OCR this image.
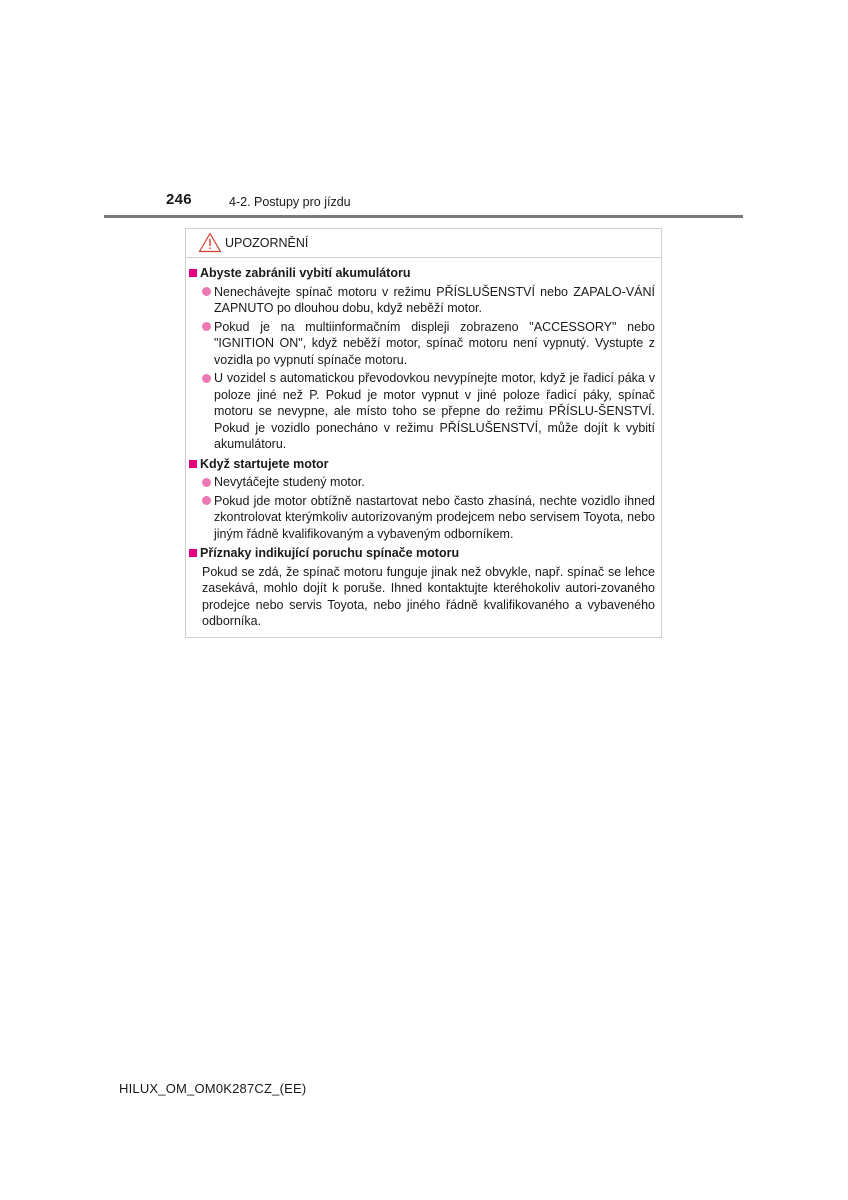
246	4-2. Postupy pro jízdu
UPOZORNĚNÍ
Abyste zabránili vybití akumulátoru
Nenechávejte spínač motoru v režimu PŘÍSLUŠENSTVÍ nebo ZAPALO-VÁNÍ ZAPNUTO po dlouhou dobu, když neběží motor.
Pokud je na multiinformačním displeji zobrazeno "ACCESSORY" nebo "IGNITION ON", když neběží motor, spínač motoru není vypnutý. Vystupte z vozidla po vypnutí spínače motoru.
U vozidel s automatickou převodovkou nevypínejte motor, když je řadicí páka v poloze jiné než P. Pokud je motor vypnut v jiné poloze řadicí páky, spínač motoru se nevypne, ale místo toho se přepne do režimu PŘÍSLU-ŠENSTVÍ. Pokud je vozidlo ponecháno v režimu PŘÍSLUŠENSTVÍ, může dojít k vybití akumulátoru.
Když startujete motor
Nevytáčejte studený motor.
Pokud jde motor obtížně nastartovat nebo často zhasíná, nechte vozidlo ihned zkontrolovat kterýmkoliv autorizovaným prodejcem nebo servisem Toyota, nebo jiným řádně kvalifikovaným a vybaveným odborníkem.
Příznaky indikující poruchu spínače motoru
Pokud se zdá, že spínač motoru funguje jinak než obvykle, např. spínač se lehce zasekává, mohlo dojít k poruše. Ihned kontaktujte kteréhokoliv autori-zovaného prodejce nebo servis Toyota, nebo jiného řádně kvalifikovaného a vybaveného odborníka.
HILUX_OM_OM0K287CZ_(EE)
